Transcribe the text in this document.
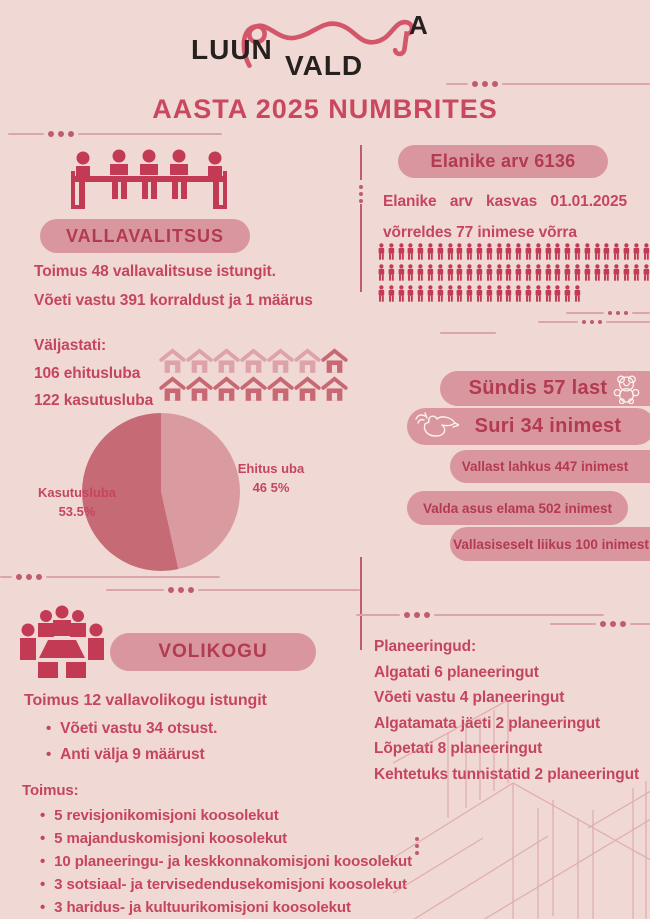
LUUN
VALD
A
AASTA 2025 NUMBRITES
VALLAVALITSUS
Toimus 48 vallavalitsuse istungit.
Võeti vastu 391 korraldust ja 1 määrus
Elanike arv 6136
Elanike arv kasvas 01.01.2025
võrreldes 77 inimese võrra
Väljastati:
106 ehitusluba
122 kasutusluba
Ehitus uba
46 5%
Kasutusluba
53.5%
Sündis 57 last
Suri 34 inimest
Vallast lahkus 447 inimest
Valda asus elama 502 inimest
Vallasiseselt liikus 100 inimest
VOLIKOGU
Toimus 12 vallavolikogu istungit
• Võeti vastu 34 otsust.
• Anti välja 9 määrust
Toimus:
• 5 revisjonikomisjoni koosolekut
• 5 majanduskomisjoni koosolekut
• 10 planeeringu- ja keskkonnakomisjoni koosolekut
• 3 sotsiaal- ja tervisedendusekomisjoni koosolekut
• 3 haridus- ja kultuurikomisjoni koosolekut
Planeeringud:
Algatati 6 planeeringut
Võeti vastu 4 planeeringut
Algatamata jäeti 2 planeeringut
Lõpetati 8 planeeringut
Kehtetuks tunnistatid 2 planeeringut
